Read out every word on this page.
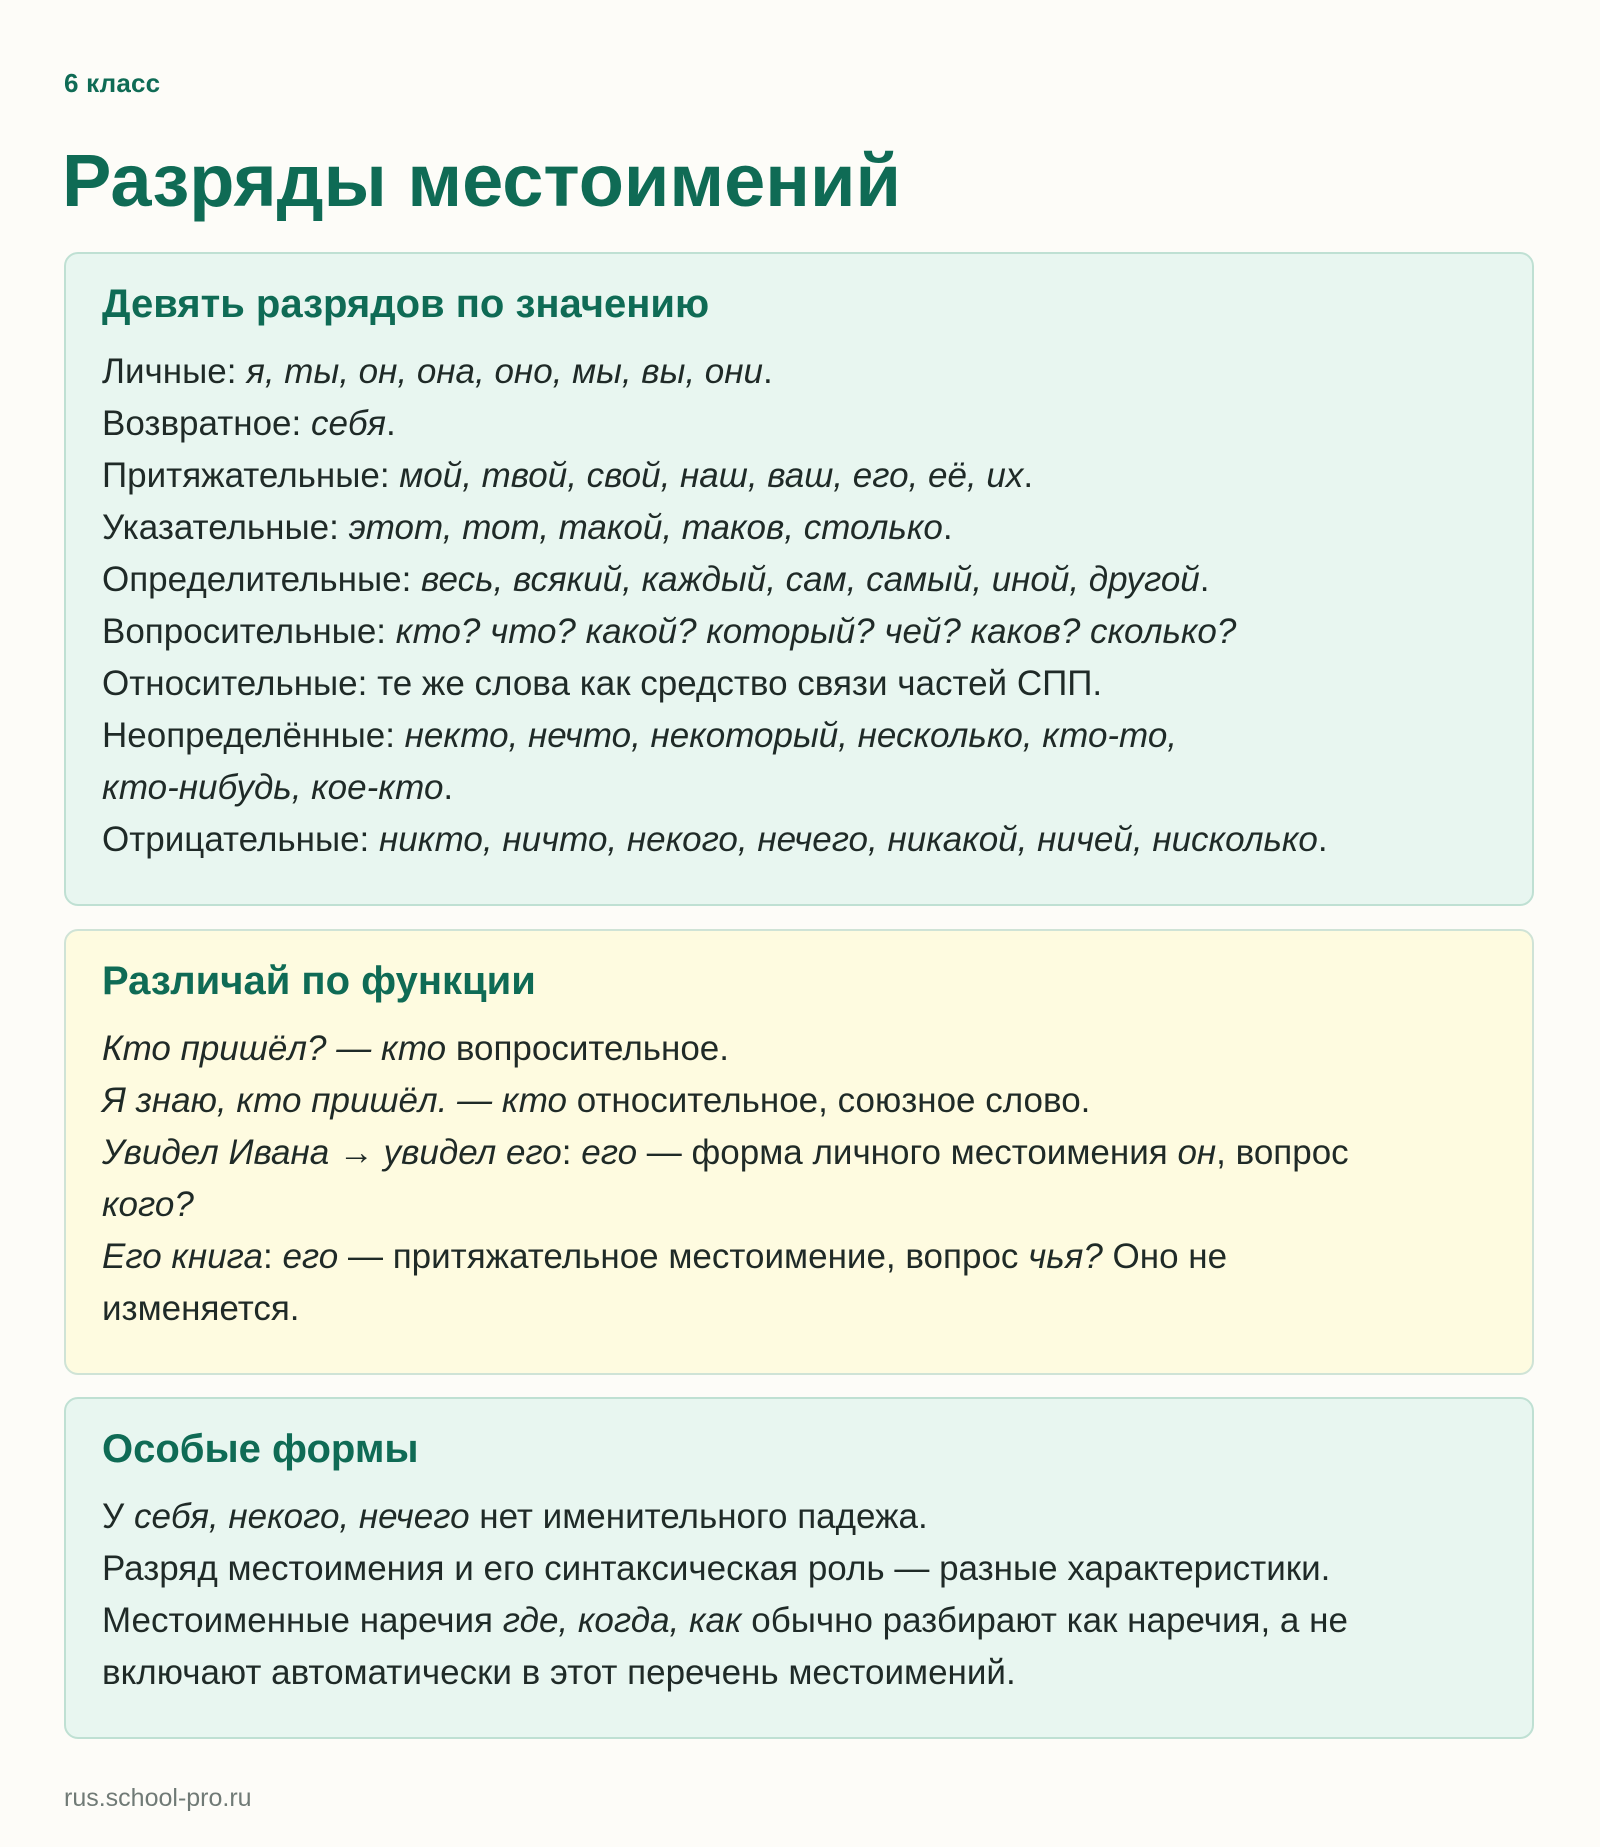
6 класс
Разряды местоимений
Девять разрядов по значению
Личные: я, ты, он, она, оно, мы, вы, они.
Возвратное: себя.
Притяжательные: мой, твой, свой, наш, ваш, его, её, их.
Указательные: этот, тот, такой, таков, столько.
Определительные: весь, всякий, каждый, сам, самый, иной, другой.
Вопросительные: кто? что? какой? который? чей? каков? сколько?
Относительные: те же слова как средство связи частей СПП.
Неопределённые: некто, нечто, некоторый, несколько, кто-то,
кто-нибудь, кое-кто.
Отрицательные: никто, ничто, некого, нечего, никакой, ничей, нисколько.
Различай по функции
Кто пришёл? — кто вопросительное.
Я знаю, кто пришёл. — кто относительное, союзное слово.
Увидел Ивана → увидел его: его — форма личного местоимения он, вопрос
кого?
Его книга: его — притяжательное местоимение, вопрос чья? Оно не
изменяется.
Особые формы
У себя, некого, нечего нет именительного падежа.
Разряд местоимения и его синтаксическая роль — разные характеристики.
Местоименные наречия где, когда, как обычно разбирают как наречия, а не
включают автоматически в этот перечень местоимений.
rus.school-pro.ru
